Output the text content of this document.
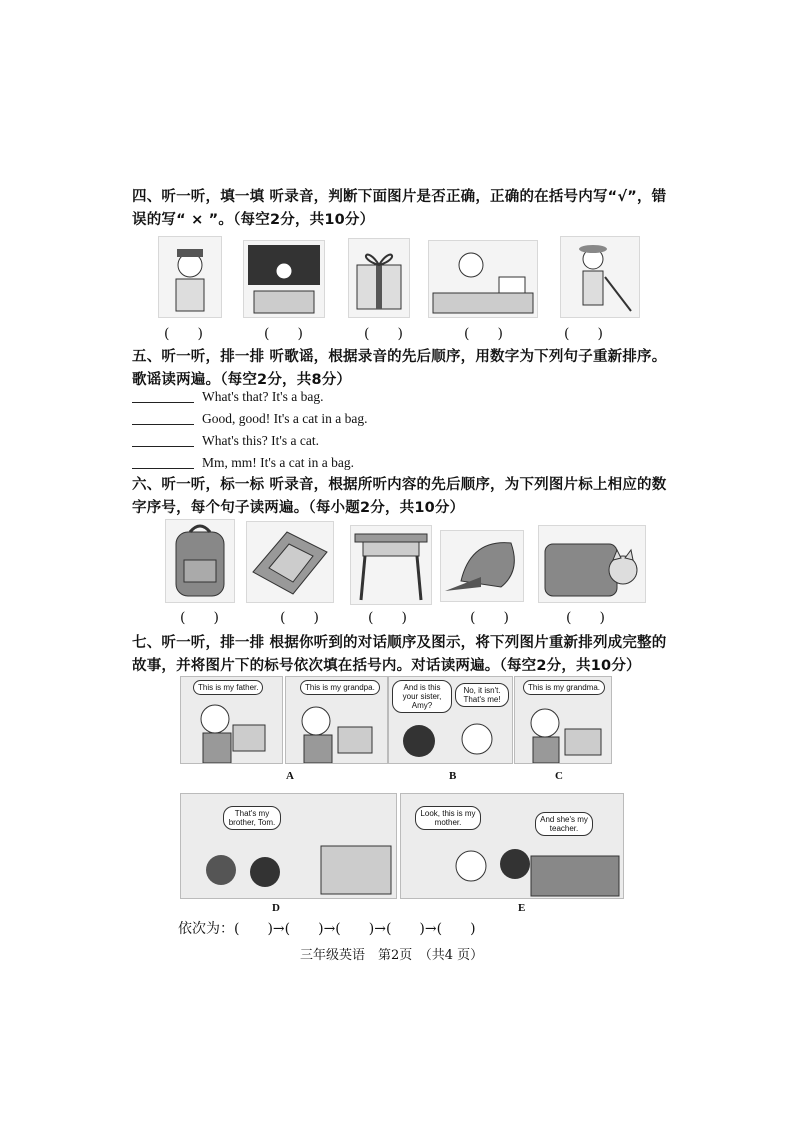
四、听一听，填一填 听录音，判断下面图片是否正确，正确的在括号内写“√”，错误的写“ × ”。（每空2分，共10分）
(　　)	(　　)	(　　)	(　　)	(　　)
五、听一听，排一排 听歌谣，根据录音的先后顺序，用数字为下列句子重新排序。歌谣读两遍。（每空2分，共8分）
What's that? It's a bag.
Good, good! It's a cat in a bag.
What's this? It's a cat.
Mm, mm! It's a cat in a bag.
六、听一听，标一标 听录音，根据所听内容的先后顺序，为下列图片标上相应的数字序号，每个句子读两遍。（每小题2分，共10分）
(　　)	(　　)	(　　)	(　　)	(　　)
七、听一听，排一排 根据你听到的对话顺序及图示，将下列图片重新排列成完整的故事，并将图片下的标号依次填在括号内。对话读两遍。（每空2分，共10分）
This is my father.	This is my grandpa.	And is this your sister, Amy?
No, it isn't. That's me!
This is my grandma.
A	B	C
That's my brother, Tom.
Look, this is my mother.	And she's my teacher.
D	E
依次为：(　　)→(　　)→(　　)→(　　)→(　　)
三年级英语　第2页　（共4 页）
